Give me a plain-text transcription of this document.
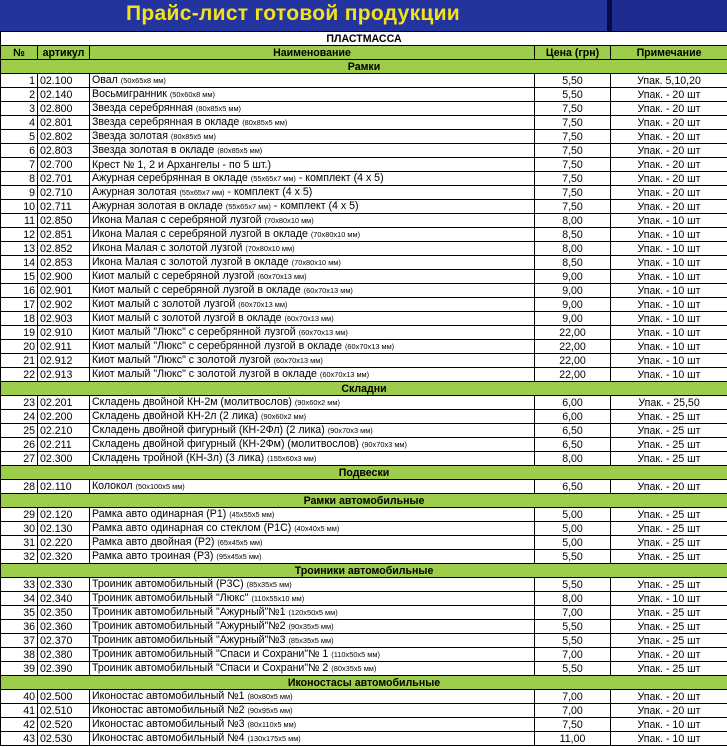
Прайс-лист готовой продукции
ПЛАСТМАССА				
№	артикул	Наименование	Цена (грн)	Примечание
Рамки				
1	02.100	Овал (50x65x8 мм)	5,50	Упак. 5,10,20
2	02.140	Восьмигранник (50x60x8 мм)	5,50	Упак. - 20 шт
3	02.800	Звезда серебрянная (80x85x5 мм)	7,50	Упак. - 20 шт
4	02.801	Звезда серебрянная в окладе (80x85x5 мм)	7,50	Упак. - 20 шт
5	02.802	Звезда золотая (80x85x5 мм)	7,50	Упак. - 20 шт
6	02.803	Звезда золотая в окладе (80x85x5 мм)	7,50	Упак. - 20 шт
7	02.700	Крест № 1, 2 и Архангелы - по 5 шт.)	7,50	Упак. - 20 шт
8	02.701	Ажурная серебрянная в окладе (55x65x7 мм) - комплект (4 х 5)	7,50	Упак. - 20 шт
9	02.710	Ажурная золотая (55x65x7 мм) - комплект (4 х 5)	7,50	Упак. - 20 шт
10	02.711	Ажурная золотая в окладе (55x65x7 мм) - комплект (4 х 5)	7,50	Упак. - 20 шт
11	02.850	Икона Малая с серебряной лузгой (70x80x10 мм)	8,00	Упак. - 10 шт
12	02.851	Икона Малая с серебряной лузгой в окладе (70x80x10 мм)	8,50	Упак. - 10 шт
13	02.852	Икона Малая с золотой лузгой (70x80x10 мм)	8,00	Упак. - 10 шт
14	02.853	Икона Малая с золотой лузгой в окладе (70x80x10 мм)	8,50	Упак. - 10 шт
15	02.900	Киот малый с серебряной лузгой (60x70x13 мм)	9,00	Упак. - 10 шт
16	02.901	Киот малый с серебряной лузгой в окладе (60x70x13 мм)	9,00	Упак. - 10 шт
17	02.902	Киот малый с золотой лузгой (60x70x13 мм)	9,00	Упак. - 10 шт
18	02.903	Киот малый с золотой лузгой в окладе (60x70x13 мм)	9,00	Упак. - 10 шт
19	02.910	Киот малый "Люкс" с серебрянной лузгой (60x70x13 мм)	22,00	Упак. - 10 шт
20	02.911	Киот малый "Люкс" с серебрянной лузгой в окладе (60x70x13 мм)	22,00	Упак. - 10 шт
21	02.912	Киот малый "Люкс" с золотой лузгой (60x70x13 мм)	22,00	Упак. - 10 шт
22	02.913	Киот малый "Люкс" с золотой лузгой в окладе (60x70x13 мм)	22,00	Упак. - 10 шт
Складни				
23	02.201	Складень двойной КН-2м (молитвослов) (90x60x2 мм)	6,00	Упак. - 25,50
24	02.200	Складень двойной КН-2л (2 лика) (90x60x2 мм)	6,00	Упак. - 25 шт
25	02.210	Складень двойной фигурный (КН-2Фл) (2 лика) (90x70x3 мм)	6,50	Упак. - 25 шт
26	02.211	Складень двойной фигурный (КН-2Фм) (молитвослов) (90x70x3 мм)	6,50	Упак. - 25 шт
27	02.300	Складень тройной (КН-3л) (3 лика) (155x60x3 мм)	8,00	Упак. - 25 шт
Подвески				
28	02.110	Колокол (50x100x5 мм)	6,50	Упак. - 20 шт
Рамки автомобильные				
29	02.120	Рамка авто одинарная (Р1) (45x55x5 мм)	5,00	Упак. - 25 шт
30	02.130	Рамка авто одинарная со стеклом (Р1С) (40x40x5 мм)	5,00	Упак. - 25 шт
31	02.220	Рамка авто двойная (Р2) (65x45x5 мм)	5,00	Упак. - 25 шт
32	02.320	Рамка авто троиная (Р3) (95x45x5 мм)	5,50	Упак. - 25 шт
Троиники автомобильные				
33	02.330	Троиник автомобильный (Р3С) (85x35x5 мм)	5,50	Упак. - 25 шт
34	02.340	Троиник автомобильный "Люкс" (110x55x10 мм)	8,00	Упак. - 10 шт
35	02.350	Троиник автомобильный "Ажурный"№1 (120x50x5 мм)	7,00	Упак. - 25 шт
36	02.360	Троиник автомобильный "Ажурный"№2 (90x35x5 мм)	5,50	Упак. - 25 шт
37	02.370	Троиник автомобильный "Ажурный"№3 (85x35x5 мм)	5,50	Упак. - 25 шт
38	02.380	Троиник автомобильный "Спаси и Сохрани"№ 1 (110x50x5 мм)	7,00	Упак. - 20 шт
39	02.390	Троиник автомобильный "Спаси и Сохрани"№ 2 (80x35x5 мм)	5,50	Упак. - 25 шт
Иконостасы автомобильные				
40	02.500	Иконостас автомобильный №1 (80x80x5 мм)	7,00	Упак. - 20 шт
41	02.510	Иконостас автомобильный №2 (90x95x5 мм)	7,00	Упак. - 20 шт
42	02.520	Иконостас автомобильный №3 (80x110x5 мм)	7,50	Упак. - 10 шт
43	02.530	Иконостас автомобильный №4 (130x175x5 мм)	11,00	Упак. - 10 шт
